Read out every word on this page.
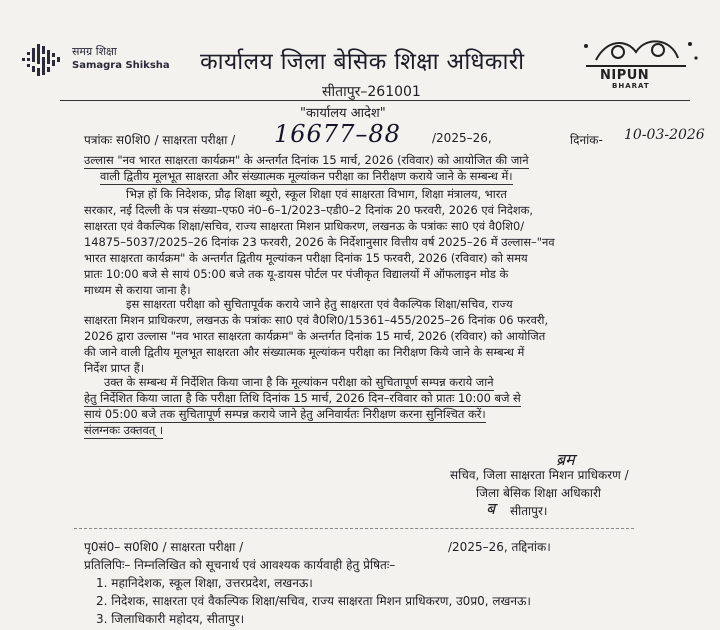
समग्र शिक्षा
Samagra Shiksha कार्यालय जिला बेसिक शिक्षा अधिकारी
सीतापुर–261001
"कार्यालय आदेश"
NIPUN
BHARAT
पत्रांकः स0शि0 / साक्षरता परीक्षा / 16677–88	/2025–26,	दिनांक- 10-03-2026
उल्लास "नव भारत साक्षरता कार्यक्रम" के अन्तर्गत दिनांक 15 मार्च, 2026 (रविवार) को आयोजित की जाने
वाली द्वितीय मूलभूत साक्षरता और संख्यात्मक मूल्यांकन परीक्षा का निरीक्षण कराये जाने के सम्बन्ध में।
भिज्ञ हों कि निदेशक, प्रौढ़ शिक्षा ब्यूरो, स्कूल शिक्षा एवं साक्षरता विभाग, शिक्षा मंत्रालय, भारत
सरकार, नई दिल्ली के पत्र संख्या–एफ0 नं0–6–1/2023–एडी0–2 दिनांक 20 फरवरी, 2026 एवं निदेशक,
साक्षरता एवं वैकल्पिक शिक्षा/सचिव, राज्य साक्षरता मिशन प्राधिकरण, लखनऊ के पत्रांकः सा0 एवं वै0शि0/
14875–5037/2025–26 दिनांक 23 फरवरी, 2026 के निर्देशानुसार वित्तीय वर्ष 2025–26 में उल्लास–"नव
भारत साक्षरता कार्यक्रम" के अन्तर्गत द्वितीय मूल्यांकन परीक्षा दिनांक 15 फरवरी, 2026 (रविवार) को समय
प्रातः 10:00 बजे से सायं 05:00 बजे तक यू-डायस पोर्टल पर पंजीकृत विद्यालयों में ऑफलाइन मोड के
माध्यम से कराया जाना है।
इस साक्षरता परीक्षा को सुचितापूर्वक कराये जाने हेतु साक्षरता एवं वैकल्पिक शिक्षा/सचिव, राज्य
साक्षरता मिशन प्राधिकरण, लखनऊ के पत्रांकः सा0 एवं वै0शि0/15361–455/2025–26 दिनांक 06 फरवरी,
2026 द्वारा उल्लास "नव भारत साक्षरता कार्यक्रम" के अन्तर्गत दिनांक 15 मार्च, 2026 (रविवार) को आयोजित
की जाने वाली द्वितीय मूलभूत साक्षरता और संख्यात्मक मूल्यांकन परीक्षा का निरीक्षण किये जाने के सम्बन्ध में
निर्देश प्राप्त हैं।
उक्त के सम्बन्ध में निर्देशित किया जाना है कि मूल्यांकन परीक्षा को सुचितापूर्ण सम्पन्न कराये जाने
हेतु निर्देशित किया जाता है कि परीक्षा तिथि दिनांक 15 मार्च, 2026 दिन–रविवार को प्रातः 10:00 बजे से
सायं 05:00 बजे तक सुचितापूर्ण सम्पन्न कराये जाने हेतु अनिवार्यतः निरीक्षण करना सुनिश्चित करें।
संलग्नकः उक्तवत् ।
ब्रम
सचिव, जिला साक्षरता मिशन प्राधिकरण /
जिला बेसिक शिक्षा अधिकारी
ब सीतापुर।
पृ0सं0– स0शि0 / साक्षरता परीक्षा /	/2025–26, तद्दिनांक।
प्रतिलिपिः– निम्नलिखित को सूचनार्थ एवं आवश्यक कार्यवाही हेतु प्रेषितः–
1. महानिदेशक, स्कूल शिक्षा, उत्तरप्रदेश, लखनऊ।
2. निदेशक, साक्षरता एवं वैकल्पिक शिक्षा/सचिव, राज्य साक्षरता मिशन प्राधिकरण, उ0प्र0, लखनऊ।
3. जिलाधिकारी महोदय, सीतापुर।
